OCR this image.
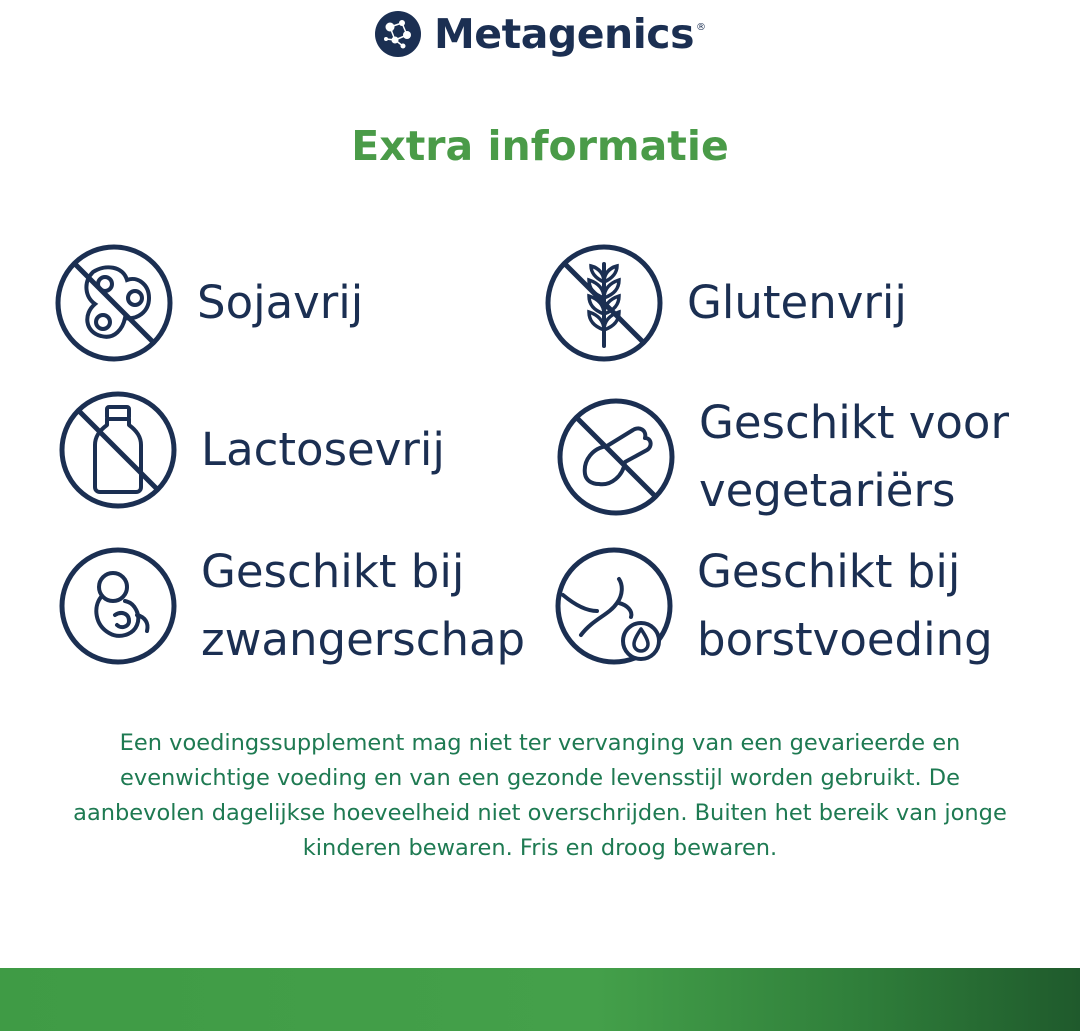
Metagenics ®
Extra informatie
Sojavrij	Glutenvrij
Lactosevrij
Geschikt voor
vegetariërs
Geschikt bij
zwangerschap
Geschikt bij
borstvoeding
Een voedingssupplement mag niet ter vervanging van een gevarieerde en evenwichtige voeding en van een gezonde levensstijl worden gebruikt. De aanbevolen dagelijkse hoeveelheid niet overschrijden. Buiten het bereik van jonge kinderen bewaren. Fris en droog bewaren.
